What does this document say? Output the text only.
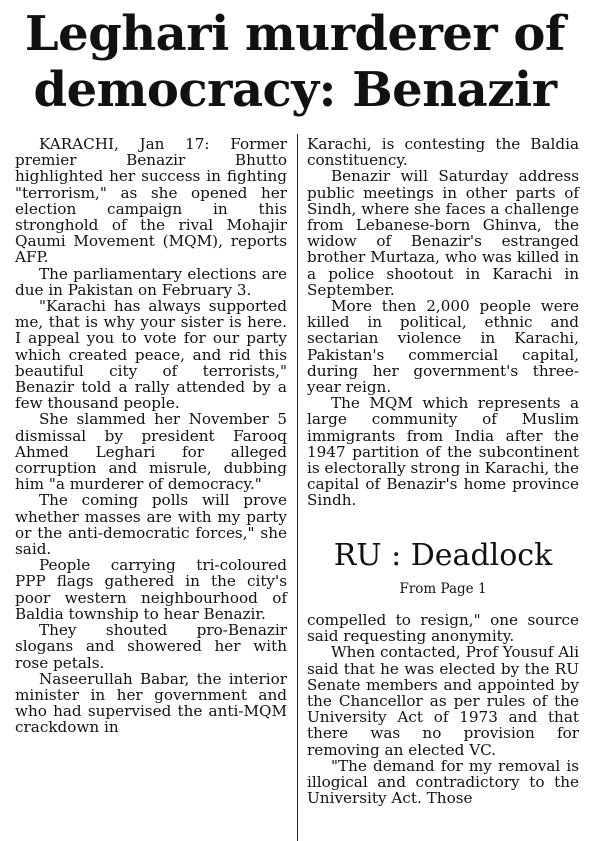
Leghari murderer of
democracy: Benazir

KARACHI, Jan 17: Former premier Benazir Bhutto highlighted her success in fighting "terrorism," as she opened her election campaign in this stronghold of the rival Mohajir Qaumi Movement (MQM), reports AFP.

The parliamentary elections are due in Pakistan on February 3.

"Karachi has always supported me, that is why your sister is here. I appeal you to vote for our party which created peace, and rid this beautiful city of terrorists," Benazir told a rally attended by a few thousand people.

She slammed her November 5 dismissal by president Farooq Ahmed Leghari for alleged corruption and misrule, dubbing him "a murderer of democracy."

The coming polls will prove whether masses are with my party or the anti-democratic forces," she said.

People carrying tri-coloured PPP flags gathered in the city's poor western neighbourhood of Baldia township to hear Benazir.

They shouted pro-Benazir slogans and showered her with rose petals.

Naseerullah Babar, the interior minister in her government and who had supervised the anti-MQM crackdown in

Karachi, is contesting the Baldia constituency.

Benazir will Saturday address public meetings in other parts of Sindh, where she faces a challenge from Lebanese-born Ghinva, the widow of Benazir's estranged brother Murtaza, who was killed in a police shootout in Karachi in September.

More then 2,000 people were killed in political, ethnic and sectarian violence in Karachi, Pakistan's commercial capital, during her government's three-year reign.

The MQM which represents a large community of Muslim immigrants from India after the 1947 partition of the subcontinent is electorally strong in Karachi, the capital of Benazir's home province Sindh.

RU : Deadlock
From Page 1

compelled to resign," one source said requesting anonymity.

When contacted, Prof Yousuf Ali said that he was elected by the RU Senate members and appointed by the Chancellor as per rules of the University Act of 1973 and that there was no provision for removing an elected VC.

"The demand for my removal is illogical and contradictory to the University Act. Those
